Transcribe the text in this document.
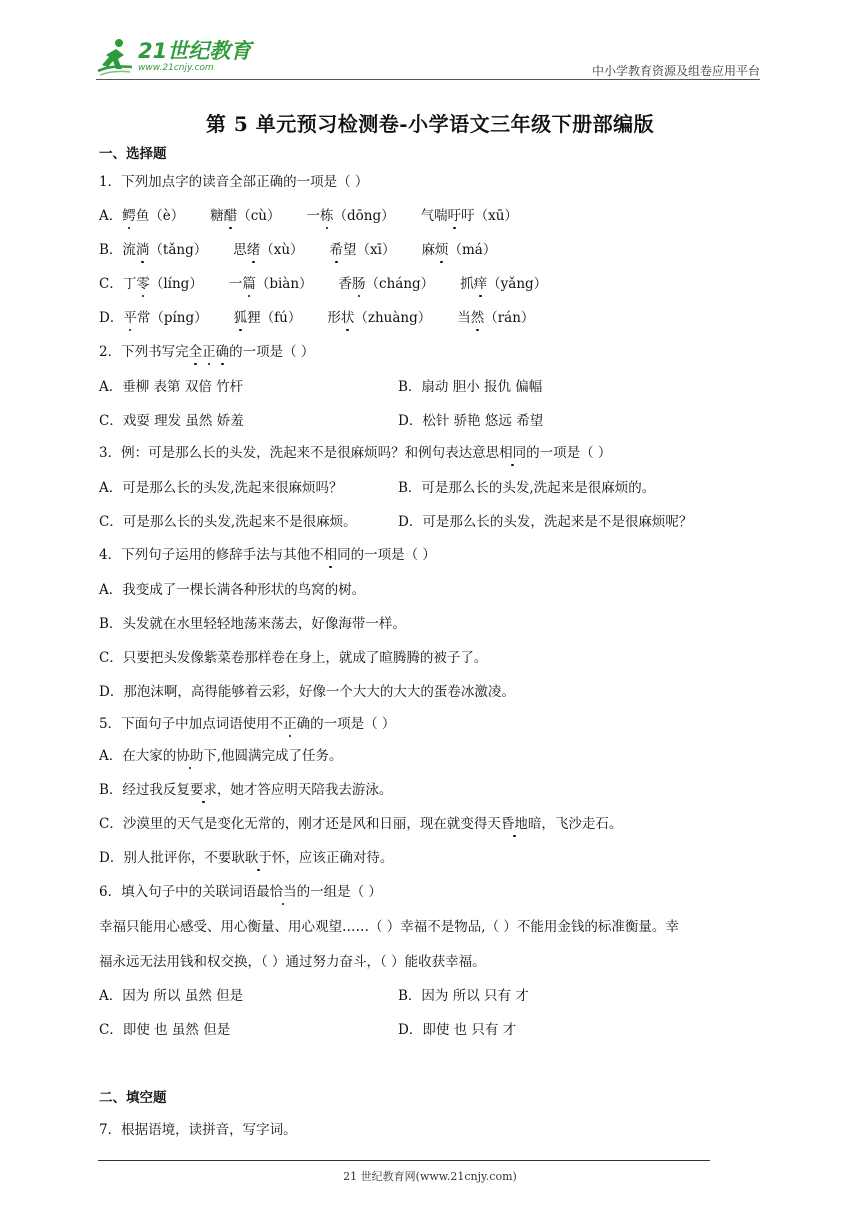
21世纪教育
www.21cnjy.com	中小学教育资源及组卷应用平台
第 5 单元预习检测卷-小学语文三年级下册部编版
一、选择题
1．下列加点字的读音全部正确的一项是（ ）
A．鳄鱼（è） 糖醋（cù） 一栋（dōng） 气喘吁吁（xū）
B．流淌（tǎng） 思绪（xù） 希望（xī） 麻烦（má）
C．丁零（líng） 一篇（biàn） 香肠（cháng） 抓痒（yǎng）
D．平常（píng） 狐狸（fú） 形状（zhuàng） 当然（rán）
2．下列书写完全正确的一项是（ ）
A．垂柳 表第 双倍 竹杆	B．扇动 胆小 报仇 偏幅
C．戏耍 理发 虽然 娇羞	D．松针 骄艳 悠远 希望
3．例：可是那么长的头发，洗起来不是很麻烦吗？和例句表达意思相同的一项是（ ）
A．可是那么长的头发,洗起来很麻烦吗？	B．可是那么长的头发,洗起来是很麻烦的。
C．可是那么长的头发,洗起来不是很麻烦。	D．可是那么长的头发，洗起来是不是很麻烦呢？
4．下列句子运用的修辞手法与其他不相同的一项是（ ）
A．我变成了一棵长满各种形状的鸟窝的树。
B．头发就在水里轻轻地荡来荡去，好像海带一样。
C．只要把头发像紫菜卷那样卷在身上，就成了暄腾腾的被子了。
D．那泡沫啊，高得能够着云彩，好像一个大大的大大的蛋卷冰激凌。
5．下面句子中加点词语使用不正确的一项是（ ）
A．在大家的协助下,他圆满完成了任务。
B．经过我反复要求，她才答应明天陪我去游泳。
C．沙漠里的天气是变化无常的，刚才还是风和日丽，现在就变得天昏地暗，飞沙走石。
D．别人批评你，不要耿耿于怀，应该正确对待。
6．填入句子中的关联词语最恰当的一组是（ ）
幸福只能用心感受、用心衡量、用心观望……（ ）幸福不是物品,（ ）不能用金钱的标准衡量。幸
福永远无法用钱和权交换，（ ）通过努力奋斗，（ ）能收获幸福。
A．因为 所以 虽然 但是	B．因为 所以 只有 才
C．即使 也 虽然 但是	D．即使 也 只有 才
二、填空题
7．根据语境，读拼音，写字词。
21 世纪教育网(www.21cnjy.com)
